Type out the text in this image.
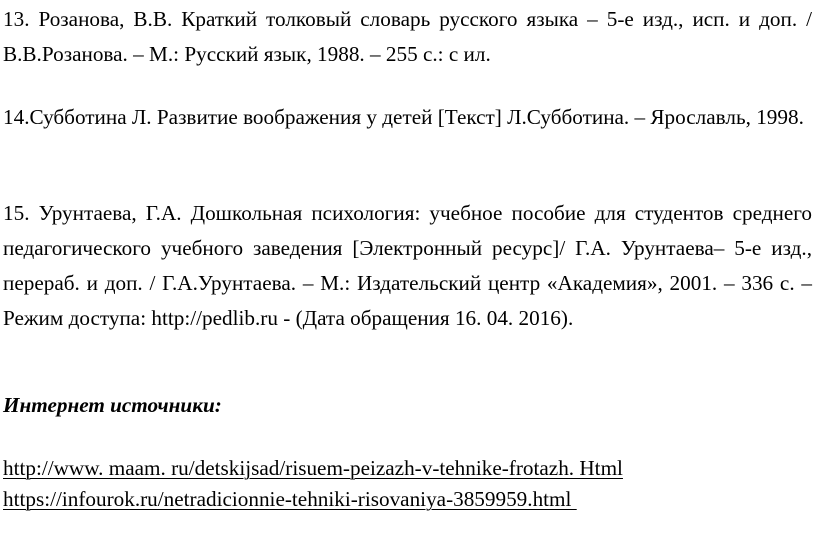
13. Розанова, В.В. Краткий толковый словарь русского языка – 5-е изд., исп. и доп. / В.В.Розанова. – М.: Русский язык, 1988. – 255 с.: с ил.

14.Субботина Л. Развитие воображения у детей [Текст] Л.Субботина. – Ярославль, 1998.

15. Урунтаева, Г.А. Дошкольная психология: учебное пособие для студентов среднего педагогического учебного заведения [Электронный ресурс]/ Г.А. Урунтаева– 5-е изд., перераб. и доп. / Г.А.Урунтаева. – М.: Издательский центр «Академия», 2001. – 336 с. – Режим доступа: http://pedlib.ru - (Дата обращения 16. 04. 2016).

Интернет источники:

http://www. maam. ru/detskijsad/risuem-peizazh-v-tehnike-frotazh. Html
https://infourok.ru/netradicionnie-tehniki-risovaniya-3859959.html
